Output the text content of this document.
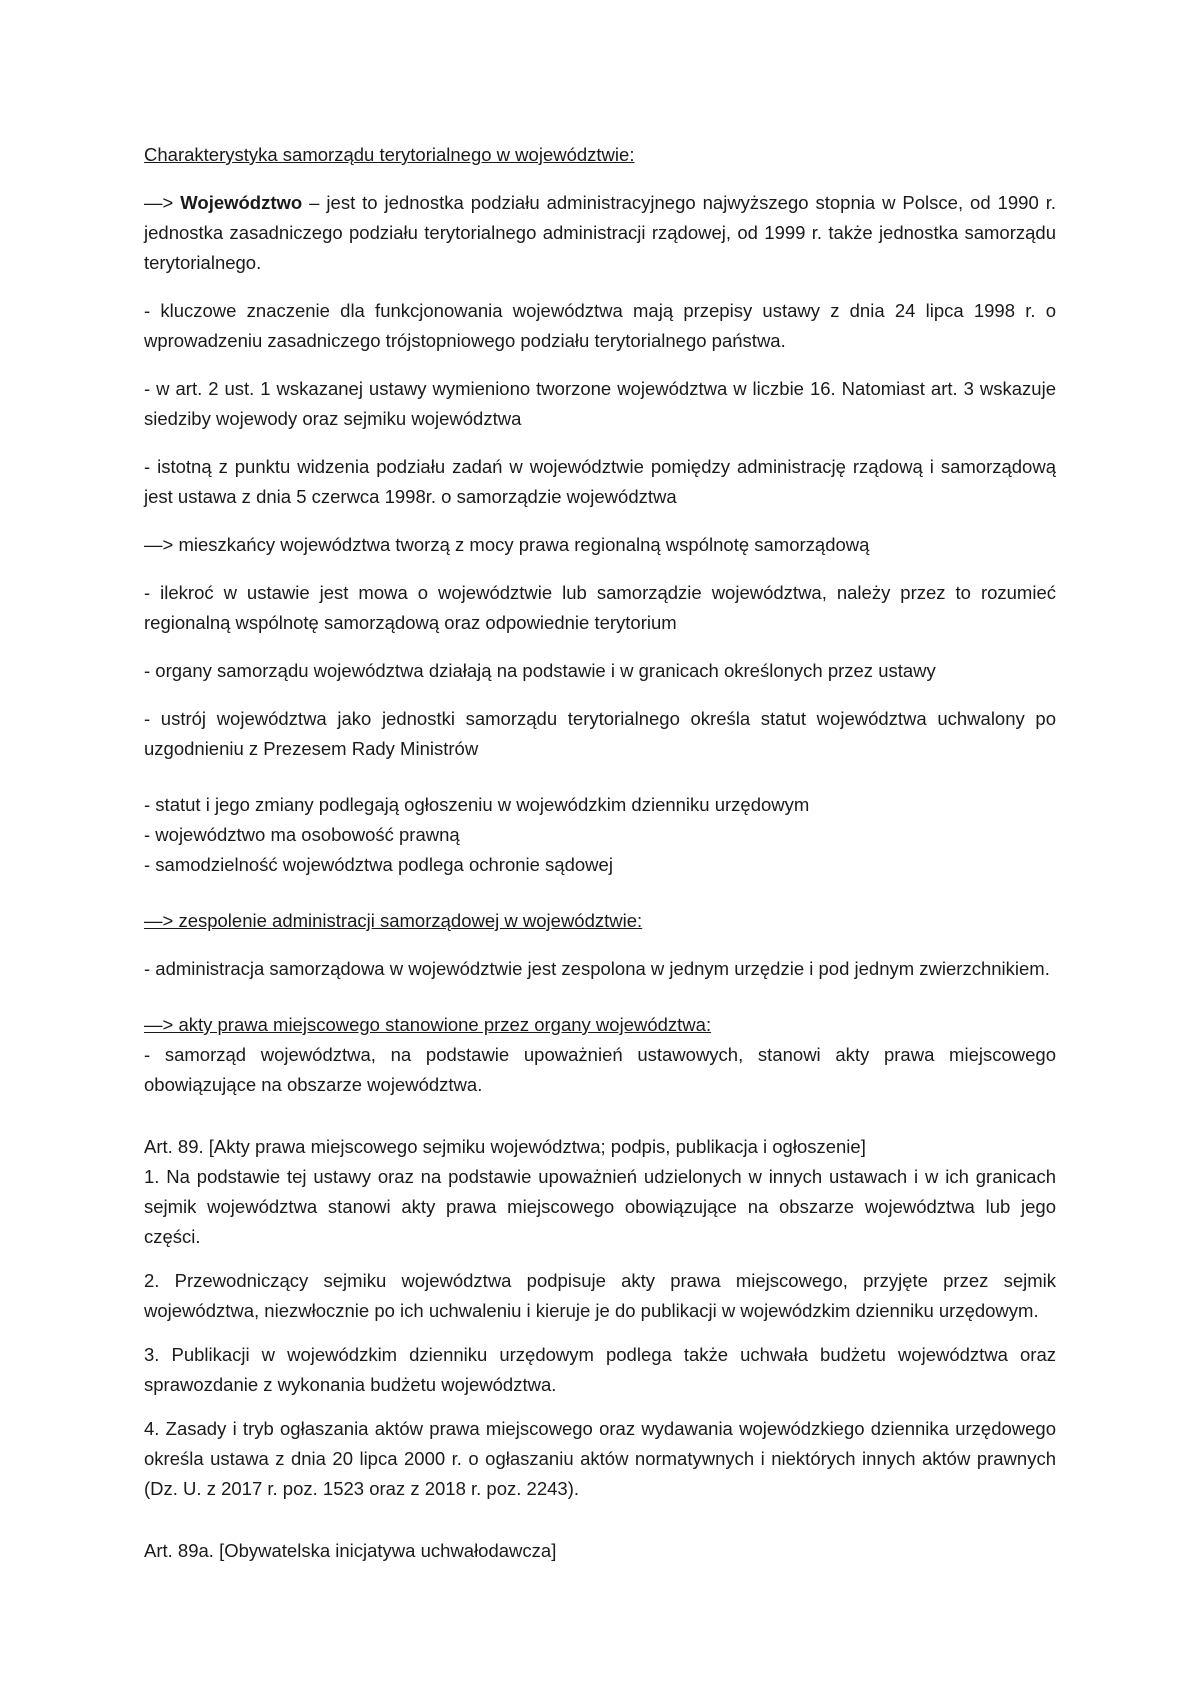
Charakterystyka samorządu terytorialnego w województwie:

—> Województwo – jest to jednostka podziału administracyjnego najwyższego stopnia w Polsce, od 1990 r. jednostka zasadniczego podziału terytorialnego administracji rządowej, od 1999 r. także jednostka samorządu terytorialnego.

- kluczowe znaczenie dla funkcjonowania województwa mają przepisy ustawy z dnia 24 lipca 1998 r. o wprowadzeniu zasadniczego trójstopniowego podziału terytorialnego państwa.

- w art. 2 ust. 1 wskazanej ustawy wymieniono tworzone województwa w liczbie 16. Natomiast art. 3 wskazuje siedziby wojewody oraz sejmiku województwa

- istotną z punktu widzenia podziału zadań w województwie pomiędzy administrację rządową i samorządową jest ustawa z dnia 5 czerwca 1998r. o samorządzie województwa

—> mieszkańcy województwa tworzą z mocy prawa regionalną wspólnotę samorządową

- ilekroć w ustawie jest mowa o województwie lub samorządzie województwa, należy przez to rozumieć regionalną wspólnotę samorządową oraz odpowiednie terytorium

- organy samorządu województwa działają na podstawie i w granicach określonych przez ustawy

- ustrój województwa jako jednostki samorządu terytorialnego określa statut województwa uchwalony po uzgodnieniu z Prezesem Rady Ministrów

- statut i jego zmiany podlegają ogłoszeniu w wojewódzkim dzienniku urzędowym

- województwo ma osobowość prawną

- samodzielność województwa podlega ochronie sądowej

—> zespolenie administracji samorządowej w województwie:

- administracja samorządowa w województwie jest zespolona w jednym urzędzie i pod jednym zwierzchnikiem.

—> akty prawa miejscowego stanowione przez organy województwa:

- samorząd województwa, na podstawie upoważnień ustawowych, stanowi akty prawa miejscowego obowiązujące na obszarze województwa.

Art. 89. [Akty prawa miejscowego sejmiku województwa; podpis, publikacja i ogłoszenie]

1. Na podstawie tej ustawy oraz na podstawie upoważnień udzielonych w innych ustawach i w ich granicach sejmik województwa stanowi akty prawa miejscowego obowiązujące na obszarze województwa lub jego części.

2. Przewodniczący sejmiku województwa podpisuje akty prawa miejscowego, przyjęte przez sejmik województwa, niezwłocznie po ich uchwaleniu i kieruje je do publikacji w wojewódzkim dzienniku urzędowym.

3. Publikacji w wojewódzkim dzienniku urzędowym podlega także uchwała budżetu województwa oraz sprawozdanie z wykonania budżetu województwa.

4. Zasady i tryb ogłaszania aktów prawa miejscowego oraz wydawania wojewódzkiego dziennika urzędowego określa ustawa z dnia 20 lipca 2000 r. o ogłaszaniu aktów normatywnych i niektórych innych aktów prawnych (Dz. U. z 2017 r. poz. 1523 oraz z 2018 r. poz. 2243).

Art. 89a. [Obywatelska inicjatywa uchwałodawcza]
